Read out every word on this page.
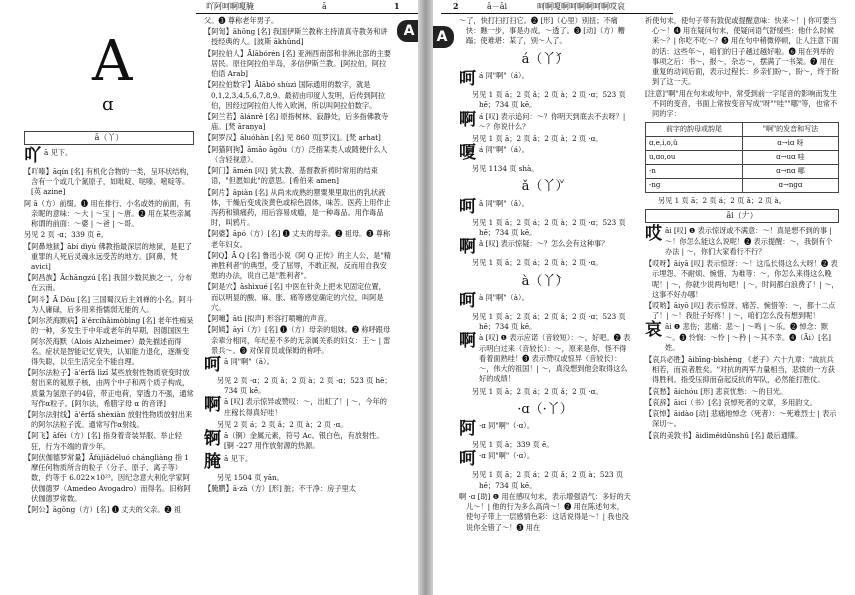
吖阿呵啊嗄腌	ā	1
A
A
ɑ
ā（丫）
吖 ā 见下。
【吖嗪】āqín [名] 有机化合物的一类，呈环状结构，含有一个或几个氮原子，如吡啶、哒嗪、嘧啶等。[英 azine]
阿 ā（方）前缀。❶ 用在排行、小名或姓的前面，有亲昵的意味：～大 | ～宝 | ～唐。❷ 用在某些亲属称谓的前面：～婆 | ～爸 | ～哥。
另见 2 页 ·ɑ；339 页 ē。
【阿鼻地狱】ābí dìyù 佛教指最深层的地狱，是犯了重罪的人死后灵魂永远受苦的地方。[阿鼻，梵 avici]
【阿昌族】Āchāngzú [名] 我国少数民族之一，分布在云南。
【阿斗】Ā Dǒu [名] 三国蜀汉后主刘禅的小名。阿斗为人庸碌，后多用来指懦弱无能的人。
【阿尔茨海默病】ā'ěrcíhǎimòbìng [名] 老年性痴呆的一种，多发生于中年或老年的早期，因德国医生阿尔茨海默（Alois Alzheimer）最先描述而得名。症状是智能记忆衰失，认知能力退化，逐渐变得失聪，以至生活完全不能自理。
【阿尔法粒子】ā'ěrfǎ lìzǐ 某些放射性物质衰变时放射出来的氦原子核，由两个中子和两个质子构成，质量为氢原子的4倍，带正电荷，穿透力不强，通常写作α粒子。[阿尔法，希腊字母 α 的音译]
【阿尔法射线】ā'ěrfǎ shèxiàn 放射性物质放射出来的阿尔法粒子流。通常写作α射线。
【阿飞】āfēi（方）[名] 指身着奇装异服、举止轻狂，行为不端的青少年。
【阿伏伽德罗常量】Āfújiādéluó chánglìàng 指 1 摩任何物质所含的粒子（分子、原子、离子等）数，约等于 6.022×10²³。因纪念意大利化学家阿伏伽德罗（Amedeo Avogadro）而得名。旧称阿伏伽德罗常数。
【阿公】āgōng（方）[名] ❶ 丈夫的父亲。❷ 祖
父。❸ 尊称老年男子。
【阿訇】āhōng [名] 我国伊斯兰教称主持清真寺教务和讲授经典的人。[波斯 ākhūnd]
【阿拉伯人】Ālābórén [名] 亚洲西南部和非洲北部的主要居民。原住阿拉伯半岛，多信伊斯兰教。[阿拉伯，阿拉伯语 Arab]
【阿拉伯数字】Ālābó shùzì 国际通用的数字，就是 0,1,2,3,4,5,6,7,8,9。最初由印度人发明，后传到阿拉伯，因经过阿拉伯人传入欧洲，所以叫阿拉伯数字。
【阿兰若】ālánrě [名] 原指树林、寂静处，后多指佛教寺庙。[梵 āraṇya]
【阿罗汉】āluóhàn [名] 见 860 页[罗汉]。[梵 arhat]
【阿猫阿狗】āmāo āgǒu（方）泛指某类人或随便什么人（含轻视意）。
【阿门】āmén [叹] 犹太教、基督教祈祷时常用的结束语，"但愿如此"的意思。[希伯来 amen]
【阿片】āpiàn [名] 从尚未成熟的罂粟果里取出的乳状液体，干燥后变成淡黄色或棕色固体，味苦。医药上用作止泻药和镇痛药，用后容易成瘾，是一种毒品。用作毒品时，叫鸦片。
【阿婆】āpó（方）[名] ❶ 丈夫的母亲。❷ 祖母。❸ 尊称老年妇女。
【阿Q】Ā Q [名] 鲁迅小说《阿 Q 正传》的主人公，是"精神胜利者"的典型，受了屈辱，不敢正视，反而用自我安慰的办法，说自己是"胜利者"。
【阿是穴】āshìxué [名] 中医在针灸上把未见固定位置，而以明显的酸、麻、胀、痛等感觉确定的穴位，叫阿是穴。
【阿嚏】ātì [拟声] 形容打喷嚏的声音。
【阿姨】āyí（方）[名] ❶（方）母亲的姐妹。❷ 称呼跟母亲辈分相同，年纪差不多的无亲属关系的妇女：王～ | 雷景兵～。❸ 对保育员或保姆的称呼。
呵 ā 同"啊"（ā）。
另见 2 页 ·ɑ；2 页 ǎ；2 页 à；2 页 ·ɑ；523 页 hē；734 页 kē。
啊 ā [叹] 表示惊异或赞叹：～，出虹了！| ～，今年的庄稼长得真好哇！
另见 2 页 á；2 页 ǎ；2 页 à；2 页 ·ɑ。
锕 ā（锕）金属元素，符号 Ac。银白色，有放射性。[锕 -227 用作放射源的热源。
腌 ā 见下。
另见 1504 页 yān。
【腌臜】ā·zā（方）[形] 脏；不干净：房子里太
2	ā－āi	呵啊嗄啊呵啊啊呵啊哎哀
A
～了，快打扫打扫它。❷ [形]（心里）别扭；不痛快：瞧一步，事是办成，～透了。❸ [动]（方）糟蹋；使难堪：某了，别～人了。
á（丫́）
呵 á 同"啊"（á）。
另见 1 页 ā；2 页 ǎ；2 页 à；2 页 ·ɑ；523 页 hē；734 页 kē。
啊 á [叹] 表示追问：～？你明天到底去不去呀？| ～？你说什么？
另见 1 页 ā；2 页 ǎ；2 页 à；2 页 ·ɑ。
嗄 á 同"啊"（á）。
另见 1134 页 shà。
ǎ（丫̌）
呵 ǎ 同"啊"（ǎ）。
另见 1 页 ā；2 页 á；2 页 à；2 页 ·ɑ；523 页 hē；734 页 kē。
啊 ǎ [叹] 表示惊疑：～？怎么会有这种事？
另见 1 页 ā；2 页 á；2 页 à；2 页 ·ɑ。
à（丫̀）
呵 à 同"啊"（à）。
另见 1 页 ā；2 页 á；2 页 ǎ；2 页 ·ɑ；523 页 hē；734 页 kē。
啊 à [叹] ❶ 表示应诺（音较短）：～，好吧。❷ 表示明白过来（音较长）：～，原来是你，怪不得看着面熟哇！❸ 表示赞叹或惊异（音较长）：～，伟大的祖国！| ～，真没想到他会取得这么好的成绩！
另见 1 页 ā；2 页 á；2 页 ǎ；2 页 ·ɑ。
·ɑ（·丫）
阿 ·ɑ 同"啊"（·ɑ）。
另见 1 页 ā；339 页 ē。
呵 ·ɑ 同"啊"（·ɑ）。
另见 1 页 ā；2 页 á；2 页 ǎ；2 页 à；523 页 hē；734 页 kē。
啊 ·ɑ [助] ❶ 用在感叹句末，表示增强语气：多好的天儿～！| 他的行为多么高尚～！❷ 用在陈述句末，使句子带上一层感情色彩：这话说得是～！| 我也没说你全错了～！❸ 用在
祈使句末，使句子带有敦促或提醒意味：快来～！| 你可要当心～！❹ 用在疑问句末，使疑问语气舒缓些：他什么时候来～？| 你吃不吃～？❺ 用在句中稍微停顿，让人注意下面的话：这些年～，咱们的日子越过越好啦。❻ 用在列举的事项之后：书～，报～，杂志～，摆满了一书架。❼ 用在重复的动词后面，表示过程长：乡亲们盼～，盼～，终于盼到了这一天。
[注意]"啊"用在句末或句中，常受到前一字尾音的影响而发生不同的变音，书面上常按变音写成"呀""哇""哪"等，也常不同的字：
前字的韵母或韵尾	"啊"的发音和写法
ɑ,e,i,o,ü	ɑ→iɑ 呀
u,ɑo,ou	ɑ→uɑ 哇
-n	ɑ→nɑ 哪
-ng	ɑ→ngɑ
另见 1 页 ā；2 页 á；2 页 ǎ；2 页 à。
āi（𠂇）
哎 āi [叹] ❶ 表示惊讶或不满意：～！真是想不到的事 | ～！你怎么能这么说呢！❷ 表示提醒：～，我倒有个办法 | ～，你们大家看行不行？
【哎呀】āiyā [叹] 表示惊讶：～！这瓜长得这么大呀！❷ 表示埋怨、不耐烦、惋惜、为难等：～，你怎么来得这么晚呢！| ～，你就少说两句吧！| ～，时间都白浪费了！| ～，这事不好办哪！
【哎哟】āiyō [叹] 表示惊讶、痛苦、惋惜等：～，都十二点了！| ～！我肚子好疼！| ～，咱们怎么没有想到呢！
哀 āi ❶ 悲伤；悲痛：悲～ | ～鸣 | ～乐。❷ 悼念：默～。❸ 怜悯：～怜 | ～矜 | ～其不幸。❹（Āi）[名] 姓。
【哀兵必胜】āibīng-bìshèng 《老子》六十九章："故抗兵相若，而哀者胜矣。"对抗的两军力量相当，悲愤的一方获得胜利。指受压抑而奋起反抗的军队，必然能打胜仗。
【哀愁】āichóu [形] 悲哀忧愁：～的目光。
【哀辞】āicí（书）[名] 哀悼死者的文章，多用韵文。
【哀悼】āidào [动] 悲痛地悼念（死者）：～死难烈士 | 表示深切～。
【哀的美敦书】āidìměidūnshū [名] 最后通牒。
